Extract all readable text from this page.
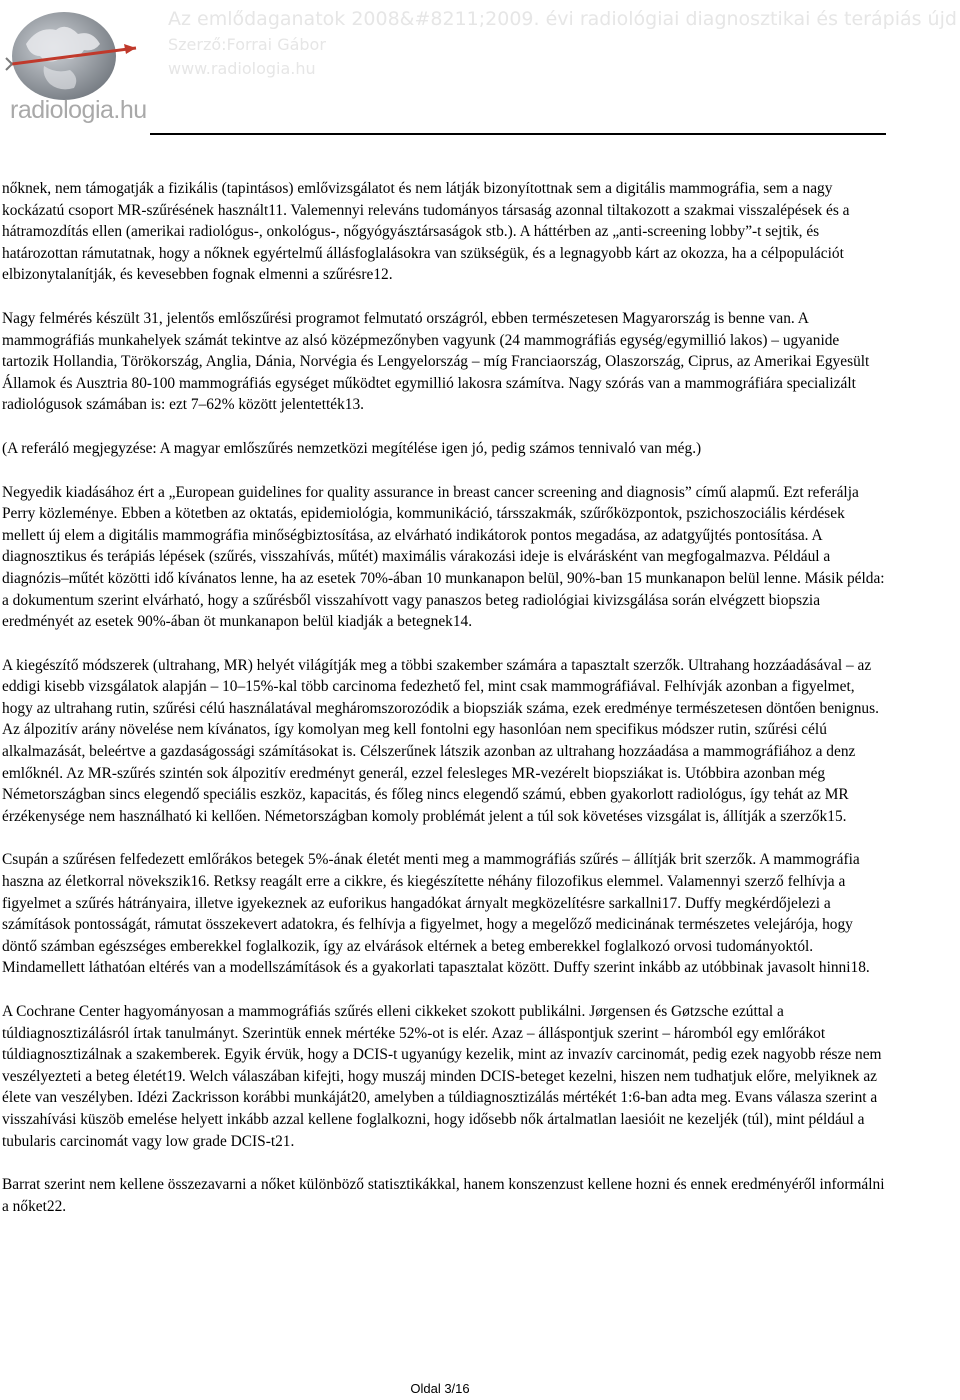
radiologia.hu
Az emlődaganatok 2008&#8211;2009. évi radiológiai diagnosztikai és terápiás újd
Szerző:Forrai Gábor
www.radiologia.hu

nőknek, nem támogatják a fizikális (tapintásos) emlővizsgálatot és nem látják bizonyítottnak sem a digitális mammográfia, sem a nagy kockázatú csoport MR-szűrésének használt11. Valemennyi releváns tudományos társaság azonnal tiltakozott a szakmai visszalépések és a hátramozdítás ellen (amerikai radiológus-, onkológus-, nőgyógyásztársaságok stb.). A háttérben az „anti-screening lobby”-t sejtik, és határozottan rámutatnak, hogy a nőknek egyértelmű állásfoglalásokra van szükségük, és a legnagyobb kárt az okozza, ha a célpopulációt elbizonytalanítják, és kevesebben fognak elmenni a szűrésre12.

Nagy felmérés készült 31, jelentős emlőszűrési programot felmutató országról, ebben természetesen Magyarország is benne van. A mammográfiás munkahelyek számát tekintve az alsó középmezőnyben vagyunk (24 mammográfiás egység/egymillió lakos) – ugyanide tartozik Hollandia, Törökország, Anglia, Dánia, Norvégia és Lengyelország – míg Franciaország, Olaszország, Ciprus, az Amerikai Egyesült Államok és Ausztria 80-100 mammográfiás egységet működtet egymillió lakosra számítva. Nagy szórás van a mammográfiára specializált radiológusok számában is: ezt 7–62% között jelentették13.

(A referáló megjegyzése: A magyar emlőszűrés nemzetközi megítélése igen jó, pedig számos tennivaló van még.)

Negyedik kiadásához ért a „European guidelines for quality assurance in breast cancer screening and diagnosis” című alapmű. Ezt referálja Perry közleménye. Ebben a kötetben az oktatás, epidemiológia, kommunikáció, társszakmák, szűrőközpontok, pszichoszociális kérdések mellett új elem a digitális mammográfia minőségbiztosítása, az elvárható indikátorok pontos megadása, az adatgyűjtés pontosítása. A diagnosztikus és terápiás lépések (szűrés, visszahívás, műtét) maximális várakozási ideje is elvárásként van megfogalmazva. Például a diagnózis–műtét közötti idő kívánatos lenne, ha az esetek 70%-ában 10 munkanapon belül, 90%-ban 15 munkanapon belül lenne. Másik példa: a dokumentum szerint elvárható, hogy a szűrésből visszahívott vagy panaszos beteg radiológiai kivizsgálása során elvégzett biopszia eredményét az esetek 90%-ában öt munkanapon belül kiadják a betegnek14.

A kiegészítő módszerek (ultrahang, MR) helyét világítják meg a többi szakember számára a tapasztalt szerzők. Ultrahang hozzáadásával – az eddigi kisebb vizsgálatok alapján – 10–15%-kal több carcinoma fedezhető fel, mint csak mammográfiával. Felhívják azonban a figyelmet, hogy az ultrahang rutin, szűrési célú használatával megháromszorozódik a biopsziák száma, ezek eredménye természetesen döntően benignus. Az álpozitív arány növelése nem kívánatos, így komolyan meg kell fontolni egy hasonlóan nem specifikus módszer rutin, szűrési célú alkalmazását, beleértve a gazdaságossági számításokat is. Célszerűnek látszik azonban az ultrahang hozzáadása a mammográfiához a denz emlőknél. Az MR-szűrés szintén sok álpozitív eredményt generál, ezzel felesleges MR-vezérelt biopsziákat is. Utóbbira azonban még Németországban sincs elegendő speciális eszköz, kapacitás, és főleg nincs elegendő számú, ebben gyakorlott radiológus, így tehát az MR érzékenysége nem használható ki kellően. Németországban komoly problémát jelent a túl sok követéses vizsgálat is, állítják a szerzők15.

Csupán a szűrésen felfedezett emlőrákos betegek 5%-ának életét menti meg a mammográfiás szűrés – állítják brit szerzők. A mammográfia haszna az életkorral növekszik16. Retksy reagált erre a cikkre, és kiegészítette néhány filozofikus elemmel. Valamennyi szerző felhívja a figyelmet a szűrés hátrányaira, illetve igyekeznek az euforikus hangadókat árnyalt megközelítésre sarkallni17. Duffy megkérdőjelezi a számítások pontosságát, rámutat összekevert adatokra, és felhívja a figyelmet, hogy a megelőző medicinának természetes velejárója, hogy döntő számban egészséges emberekkel foglalkozik, így az elvárások eltérnek a beteg emberekkel foglalkozó orvosi tudományoktól. Mindamellett láthatóan eltérés van a modellszámítások és a gyakorlati tapasztalat között. Duffy szerint inkább az utóbbinak javasolt hinni18.

A Cochrane Center hagyományosan a mammográfiás szűrés elleni cikkeket szokott publikálni. Jørgensen és Gøtzsche ezúttal a túldiagnosztizálásról írtak tanulmányt. Szerintük ennek mértéke 52%-ot is elér. Azaz – álláspontjuk szerint – háromból egy emlőrákot túldiagnosztizálnak a szakemberek. Egyik érvük, hogy a DCIS-t ugyanúgy kezelik, mint az invazív carcinomát, pedig ezek nagyobb része nem veszélyezteti a beteg életét19. Welch válaszában kifejti, hogy muszáj minden DCIS-beteget kezelni, hiszen nem tudhatjuk előre, melyiknek az élete van veszélyben. Idézi Zackrisson korábbi munkáját20, amelyben a túldiagnosztizálás mértékét 1:6-ban adta meg. Evans válasza szerint a visszahívási küszöb emelése helyett inkább azzal kellene foglalkozni, hogy idősebb nők ártalmatlan laesióit ne kezeljék (túl), mint például a tubularis carcinomát vagy low grade DCIS-t21.

Barrat szerint nem kellene összezavarni a nőket különböző statisztikákkal, hanem konszenzust kellene hozni és ennek eredményéről informálni a nőket22.

Oldal 3/16
